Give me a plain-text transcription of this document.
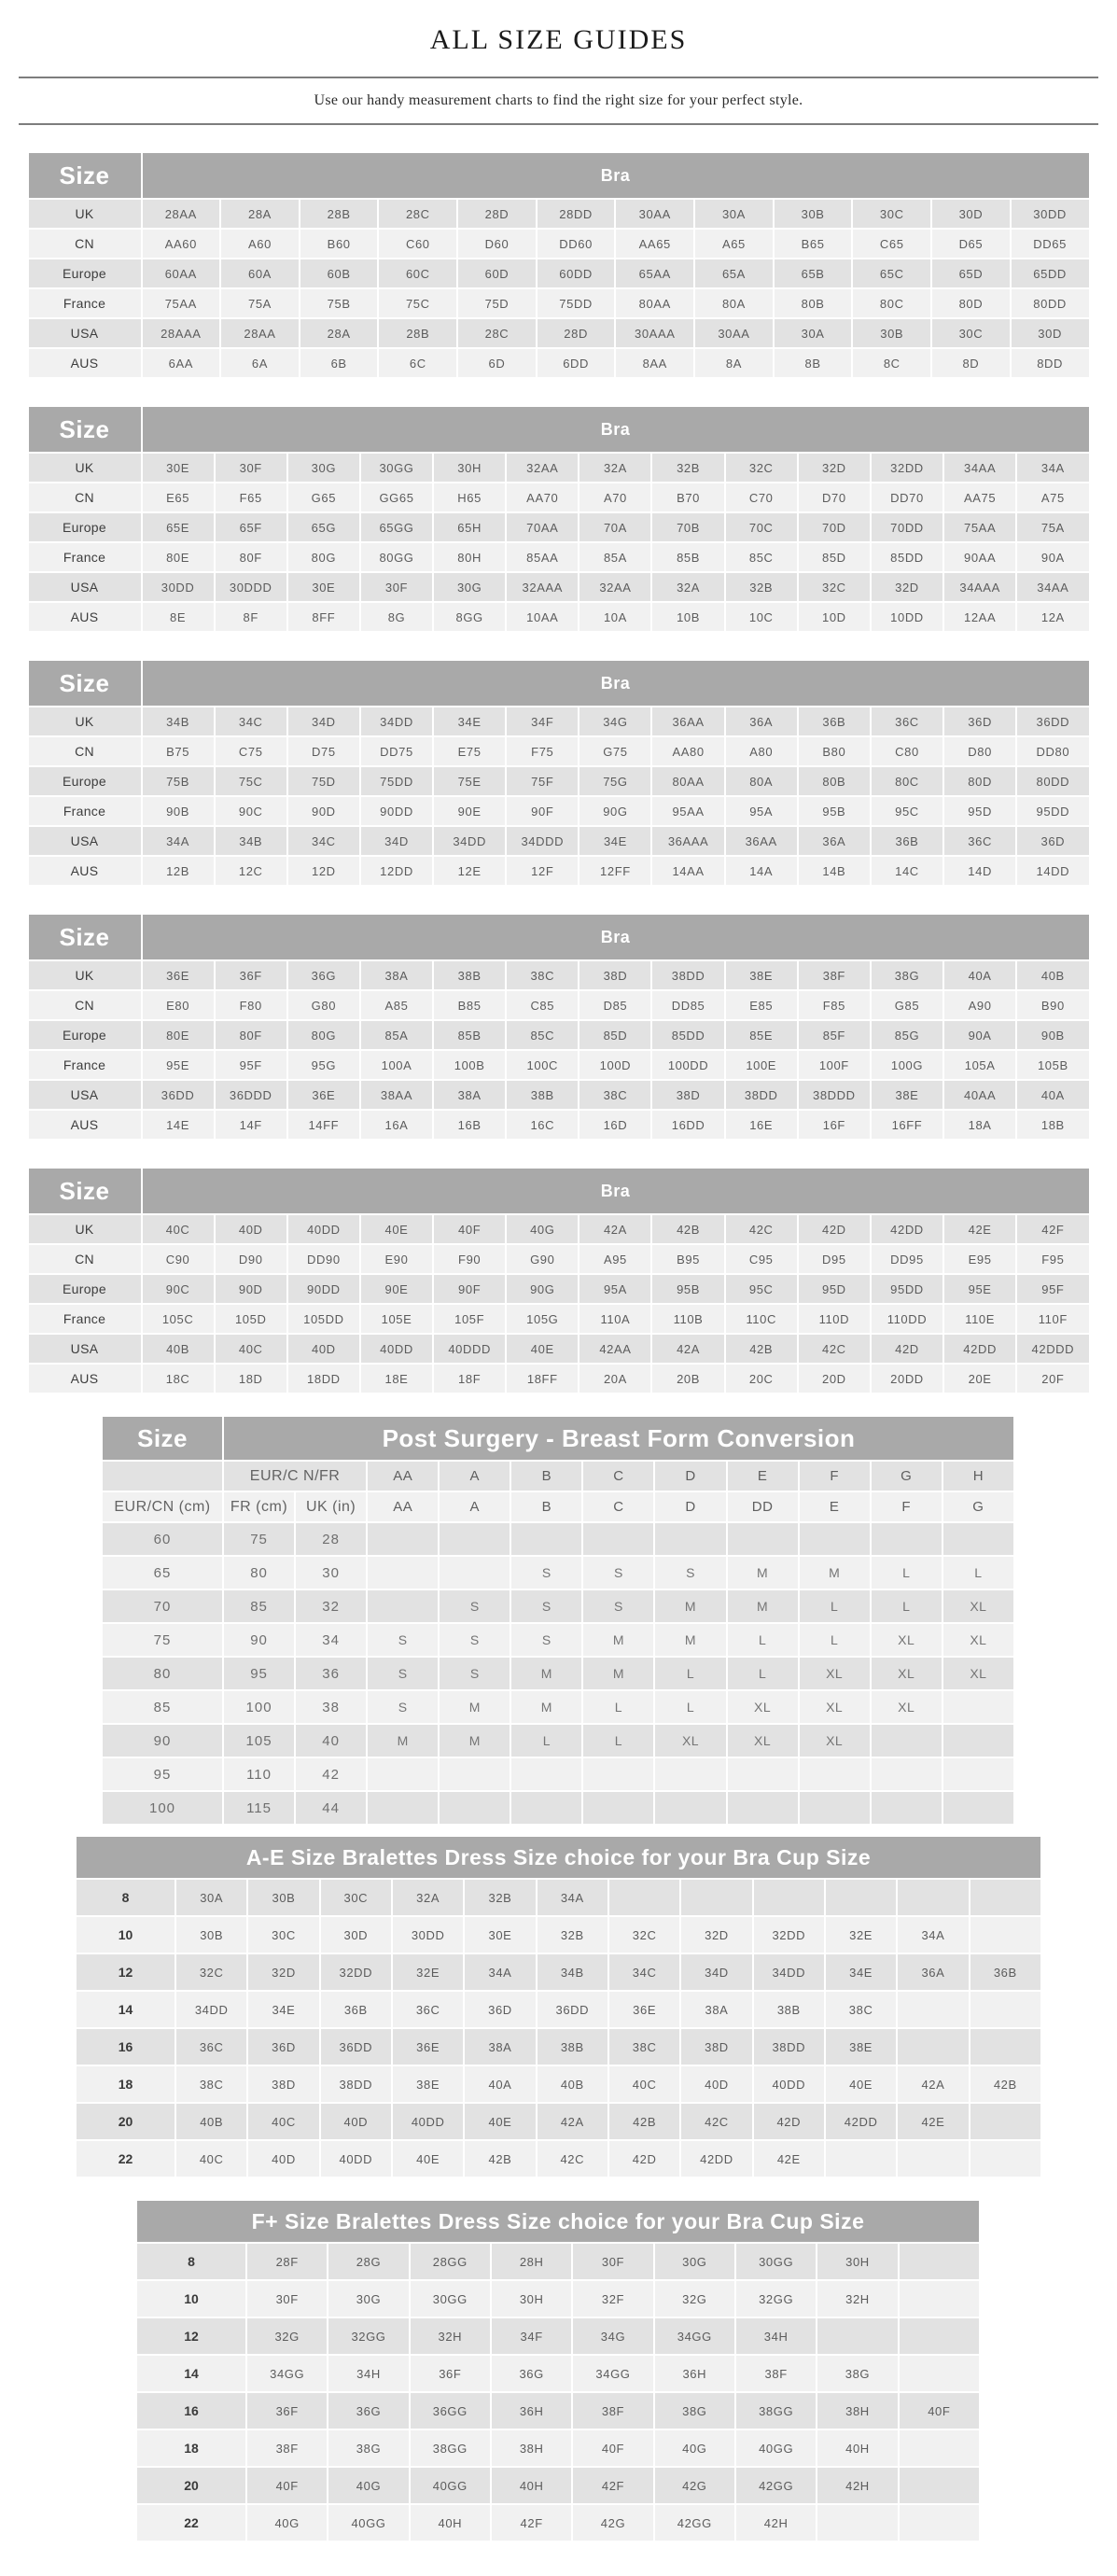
ALL SIZE GUIDES

Use our handy measurement charts to find the right size for your perfect style.

Size	Bra											
UK	28AA	28A	28B	28C	28D	28DD	30AA	30A	30B	30C	30D	30DD
CN	AA60	A60	B60	C60	D60	DD60	AA65	A65	B65	C65	D65	DD65
Europe	60AA	60A	60B	60C	60D	60DD	65AA	65A	65B	65C	65D	65DD
France	75AA	75A	75B	75C	75D	75DD	80AA	80A	80B	80C	80D	80DD
USA	28AAA	28AA	28A	28B	28C	28D	30AAA	30AA	30A	30B	30C	30D
AUS	6AA	6A	6B	6C	6D	6DD	8AA	8A	8B	8C	8D	8DD
Size	Bra												
UK	30E	30F	30G	30GG	30H	32AA	32A	32B	32C	32D	32DD	34AA	34A
CN	E65	F65	G65	GG65	H65	AA70	A70	B70	C70	D70	DD70	AA75	A75
Europe	65E	65F	65G	65GG	65H	70AA	70A	70B	70C	70D	70DD	75AA	75A
France	80E	80F	80G	80GG	80H	85AA	85A	85B	85C	85D	85DD	90AA	90A
USA	30DD	30DDD	30E	30F	30G	32AAA	32AA	32A	32B	32C	32D	34AAA	34AA
AUS	8E	8F	8FF	8G	8GG	10AA	10A	10B	10C	10D	10DD	12AA	12A
Size	Bra												
UK	34B	34C	34D	34DD	34E	34F	34G	36AA	36A	36B	36C	36D	36DD
CN	B75	C75	D75	DD75	E75	F75	G75	AA80	A80	B80	C80	D80	DD80
Europe	75B	75C	75D	75DD	75E	75F	75G	80AA	80A	80B	80C	80D	80DD
France	90B	90C	90D	90DD	90E	90F	90G	95AA	95A	95B	95C	95D	95DD
USA	34A	34B	34C	34D	34DD	34DDD	34E	36AAA	36AA	36A	36B	36C	36D
AUS	12B	12C	12D	12DD	12E	12F	12FF	14AA	14A	14B	14C	14D	14DD
Size	Bra												
UK	36E	36F	36G	38A	38B	38C	38D	38DD	38E	38F	38G	40A	40B
CN	E80	F80	G80	A85	B85	C85	D85	DD85	E85	F85	G85	A90	B90
Europe	80E	80F	80G	85A	85B	85C	85D	85DD	85E	85F	85G	90A	90B
France	95E	95F	95G	100A	100B	100C	100D	100DD	100E	100F	100G	105A	105B
USA	36DD	36DDD	36E	38AA	38A	38B	38C	38D	38DD	38DDD	38E	40AA	40A
AUS	14E	14F	14FF	16A	16B	16C	16D	16DD	16E	16F	16FF	18A	18B
Size	Bra												
UK	40C	40D	40DD	40E	40F	40G	42A	42B	42C	42D	42DD	42E	42F
CN	C90	D90	DD90	E90	F90	G90	A95	B95	C95	D95	DD95	E95	F95
Europe	90C	90D	90DD	90E	90F	90G	95A	95B	95C	95D	95DD	95E	95F
France	105C	105D	105DD	105E	105F	105G	110A	110B	110C	110D	110DD	110E	110F
USA	40B	40C	40D	40DD	40DDD	40E	42AA	42A	42B	42C	42D	42DD	42DDD
AUS	18C	18D	18DD	18E	18F	18FF	20A	20B	20C	20D	20DD	20E	20F
Size	Post Surgery - Breast Form Conversion										
	EUR/C N/FR		AA	A	B	C	D	E	F	G	H
EUR/CN (cm)	FR (cm)	UK (in)	AA	A	B	C	D	DD	E	F	G
60	75	28									
65	80	30			S	S	S	M	M	L	L
70	85	32		S	S	S	M	M	L	L	XL
75	90	34	S	S	S	M	M	L	L	XL	XL
80	95	36	S	S	M	M	L	L	XL	XL	XL
85	100	38	S	M	M	L	L	XL	XL	XL	
90	105	40	M	M	L	L	XL	XL	XL		
95	110	42									
100	115	44									
A-E Size Bralettes Dress Size choice for your Bra Cup Size												
8	30A	30B	30C	32A	32B	34A						
10	30B	30C	30D	30DD	30E	32B	32C	32D	32DD	32E	34A	
12	32C	32D	32DD	32E	34A	34B	34C	34D	34DD	34E	36A	36B
14	34DD	34E	36B	36C	36D	36DD	36E	38A	38B	38C		
16	36C	36D	36DD	36E	38A	38B	38C	38D	38DD	38E		
18	38C	38D	38DD	38E	40A	40B	40C	40D	40DD	40E	42A	42B
20	40B	40C	40D	40DD	40E	42A	42B	42C	42D	42DD	42E	
22	40C	40D	40DD	40E	42B	42C	42D	42DD	42E			
F+ Size Bralettes Dress Size choice for your Bra Cup Size									
8	28F	28G	28GG	28H	30F	30G	30GG	30H	
10	30F	30G	30GG	30H	32F	32G	32GG	32H	
12	32G	32GG	32H	34F	34G	34GG	34H		
14	34GG	34H	36F	36G	34GG	36H	38F	38G	
16	36F	36G	36GG	36H	38F	38G	38GG	38H	40F
18	38F	38G	38GG	38H	40F	40G	40GG	40H	
20	40F	40G	40GG	40H	42F	42G	42GG	42H	
22	40G	40GG	40H	42F	42G	42GG	42H		
